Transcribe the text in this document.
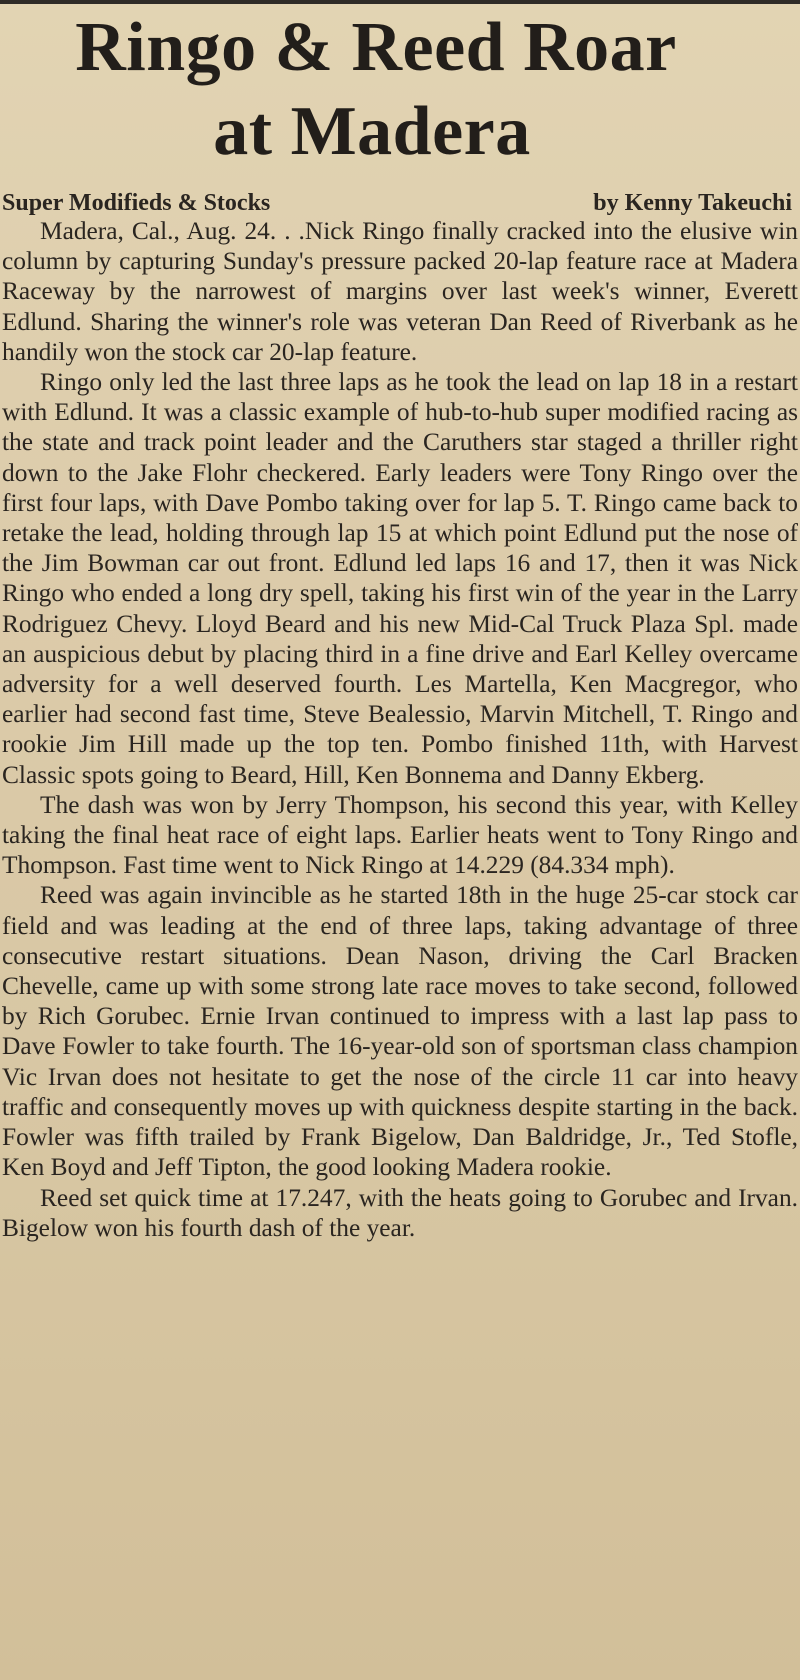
Ringo & Reed Roar
at Madera
Super Modifieds & Stocks	by Kenny Takeuchi

Madera, Cal., Aug. 24. . .Nick Ringo finally cracked into the elusive win column by capturing Sunday's pressure packed 20-lap feature race at Madera Raceway by the narrowest of margins over last week's winner, Everett Edlund. Sharing the winner's role was veteran Dan Reed of Riverbank as he handily won the stock car 20-lap feature.

Ringo only led the last three laps as he took the lead on lap 18 in a restart with Edlund. It was a classic example of hub-to-hub super modified racing as the state and track point leader and the Caruthers star staged a thriller right down to the Jake Flohr checkered. Early leaders were Tony Ringo over the first four laps, with Dave Pombo taking over for lap 5. T. Ringo came back to retake the lead, holding through lap 15 at which point Edlund put the nose of the Jim Bowman car out front. Edlund led laps 16 and 17, then it was Nick Ringo who ended a long dry spell, taking his first win of the year in the Larry Rodriguez Chevy. Lloyd Beard and his new Mid-Cal Truck Plaza Spl. made an auspicious debut by placing third in a fine drive and Earl Kelley overcame adversity for a well deserved fourth. Les Martella, Ken Macgregor, who earlier had second fast time, Steve Bealessio, Marvin Mitchell, T. Ringo and rookie Jim Hill made up the top ten. Pombo finished 11th, with Harvest Classic spots going to Beard, Hill, Ken Bonnema and Danny Ekberg.

The dash was won by Jerry Thompson, his second this year, with Kelley taking the final heat race of eight laps. Earlier heats went to Tony Ringo and Thompson. Fast time went to Nick Ringo at 14.229 (84.334 mph).

Reed was again invincible as he started 18th in the huge 25-car stock car field and was leading at the end of three laps, taking advantage of three consecutive restart situations. Dean Nason, driving the Carl Bracken Chevelle, came up with some strong late race moves to take second, followed by Rich Gorubec. Ernie Irvan continued to impress with a last lap pass to Dave Fowler to take fourth. The 16-year-old son of sportsman class champion Vic Irvan does not hesitate to get the nose of the circle 11 car into heavy traffic and consequently moves up with quickness despite starting in the back. Fowler was fifth trailed by Frank Bigelow, Dan Baldridge, Jr., Ted Stofle, Ken Boyd and Jeff Tipton, the good looking Madera rookie.

Reed set quick time at 17.247, with the heats going to Gorubec and Irvan. Bigelow won his fourth dash of the year.
